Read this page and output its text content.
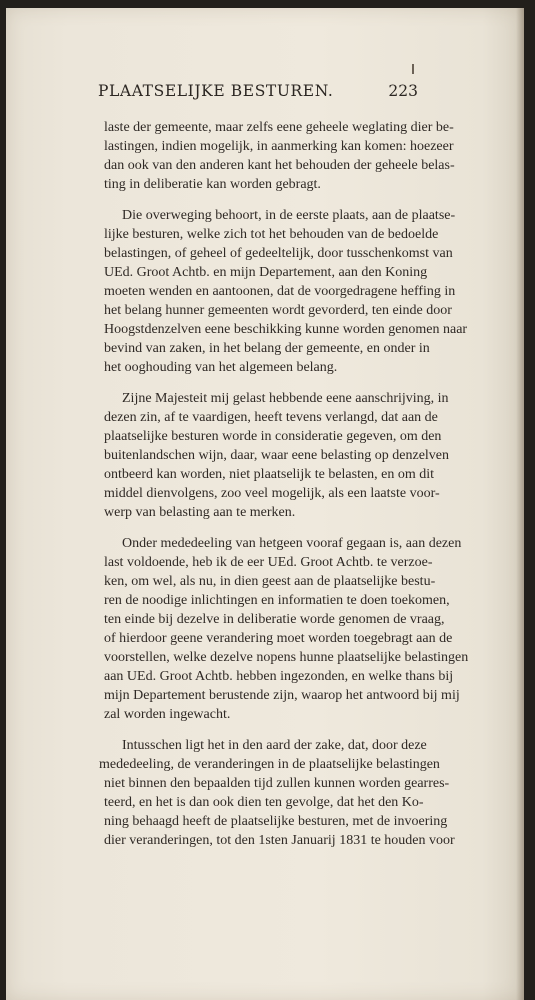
PLAATSELIJKE BESTUREN.	223
laste der gemeente, maar zelfs eene geheele weglating dier be-
lastingen, indien mogelijk, in aanmerking kan komen: hoezeer
dan ook van den anderen kant het behouden der geheele belas-
ting in deliberatie kan worden gebragt.
Die overweging behoort, in de eerste plaats, aan de plaatse-
lijke besturen, welke zich tot het behouden van de bedoelde
belastingen, of geheel of gedeeltelijk, door tusschenkomst van
UEd. Groot Achtb. en mijn Departement, aan den Koning
moeten wenden en aantoonen, dat de voorgedragene heffing in
het belang hunner gemeenten wordt gevorderd, ten einde door
Hoogstdenzelven eene beschikking kunne worden genomen naar
bevind van zaken, in het belang der gemeente, en onder in
het ooghouding van het algemeen belang.
Zijne Majesteit mij gelast hebbende eene aanschrijving, in
dezen zin, af te vaardigen, heeft tevens verlangd, dat aan de
plaatselijke besturen worde in consideratie gegeven, om den
buitenlandschen wijn, daar, waar eene belasting op denzelven
ontbeerd kan worden, niet plaatselijk te belasten, en om dit
middel dienvolgens, zoo veel mogelijk, als een laatste voor-
werp van belasting aan te merken.
Onder mededeeling van hetgeen vooraf gegaan is, aan dezen
last voldoende, heb ik de eer UEd. Groot Achtb. te verzoe-
ken, om wel, als nu, in dien geest aan de plaatselijke bestu-
ren de noodige inlichtingen en informatien te doen toekomen,
ten einde bij dezelve in deliberatie worde genomen de vraag,
of hierdoor geene verandering moet worden toegebragt aan de
voorstellen, welke dezelve nopens hunne plaatselijke belastingen
aan UEd. Groot Achtb. hebben ingezonden, en welke thans bij
mijn Departement berustende zijn, waarop het antwoord bij mij
zal worden ingewacht.
Intusschen ligt het in den aard der zake, dat, door deze
mededeeling, de veranderingen in de plaatselijke belastingen
niet binnen den bepaalden tijd zullen kunnen worden gearres-
teerd, en het is dan ook dien ten gevolge, dat het den Ko-
ning behaagd heeft de plaatselijke besturen, met de invoering
dier veranderingen, tot den 1sten Januarij 1831 te houden voor
